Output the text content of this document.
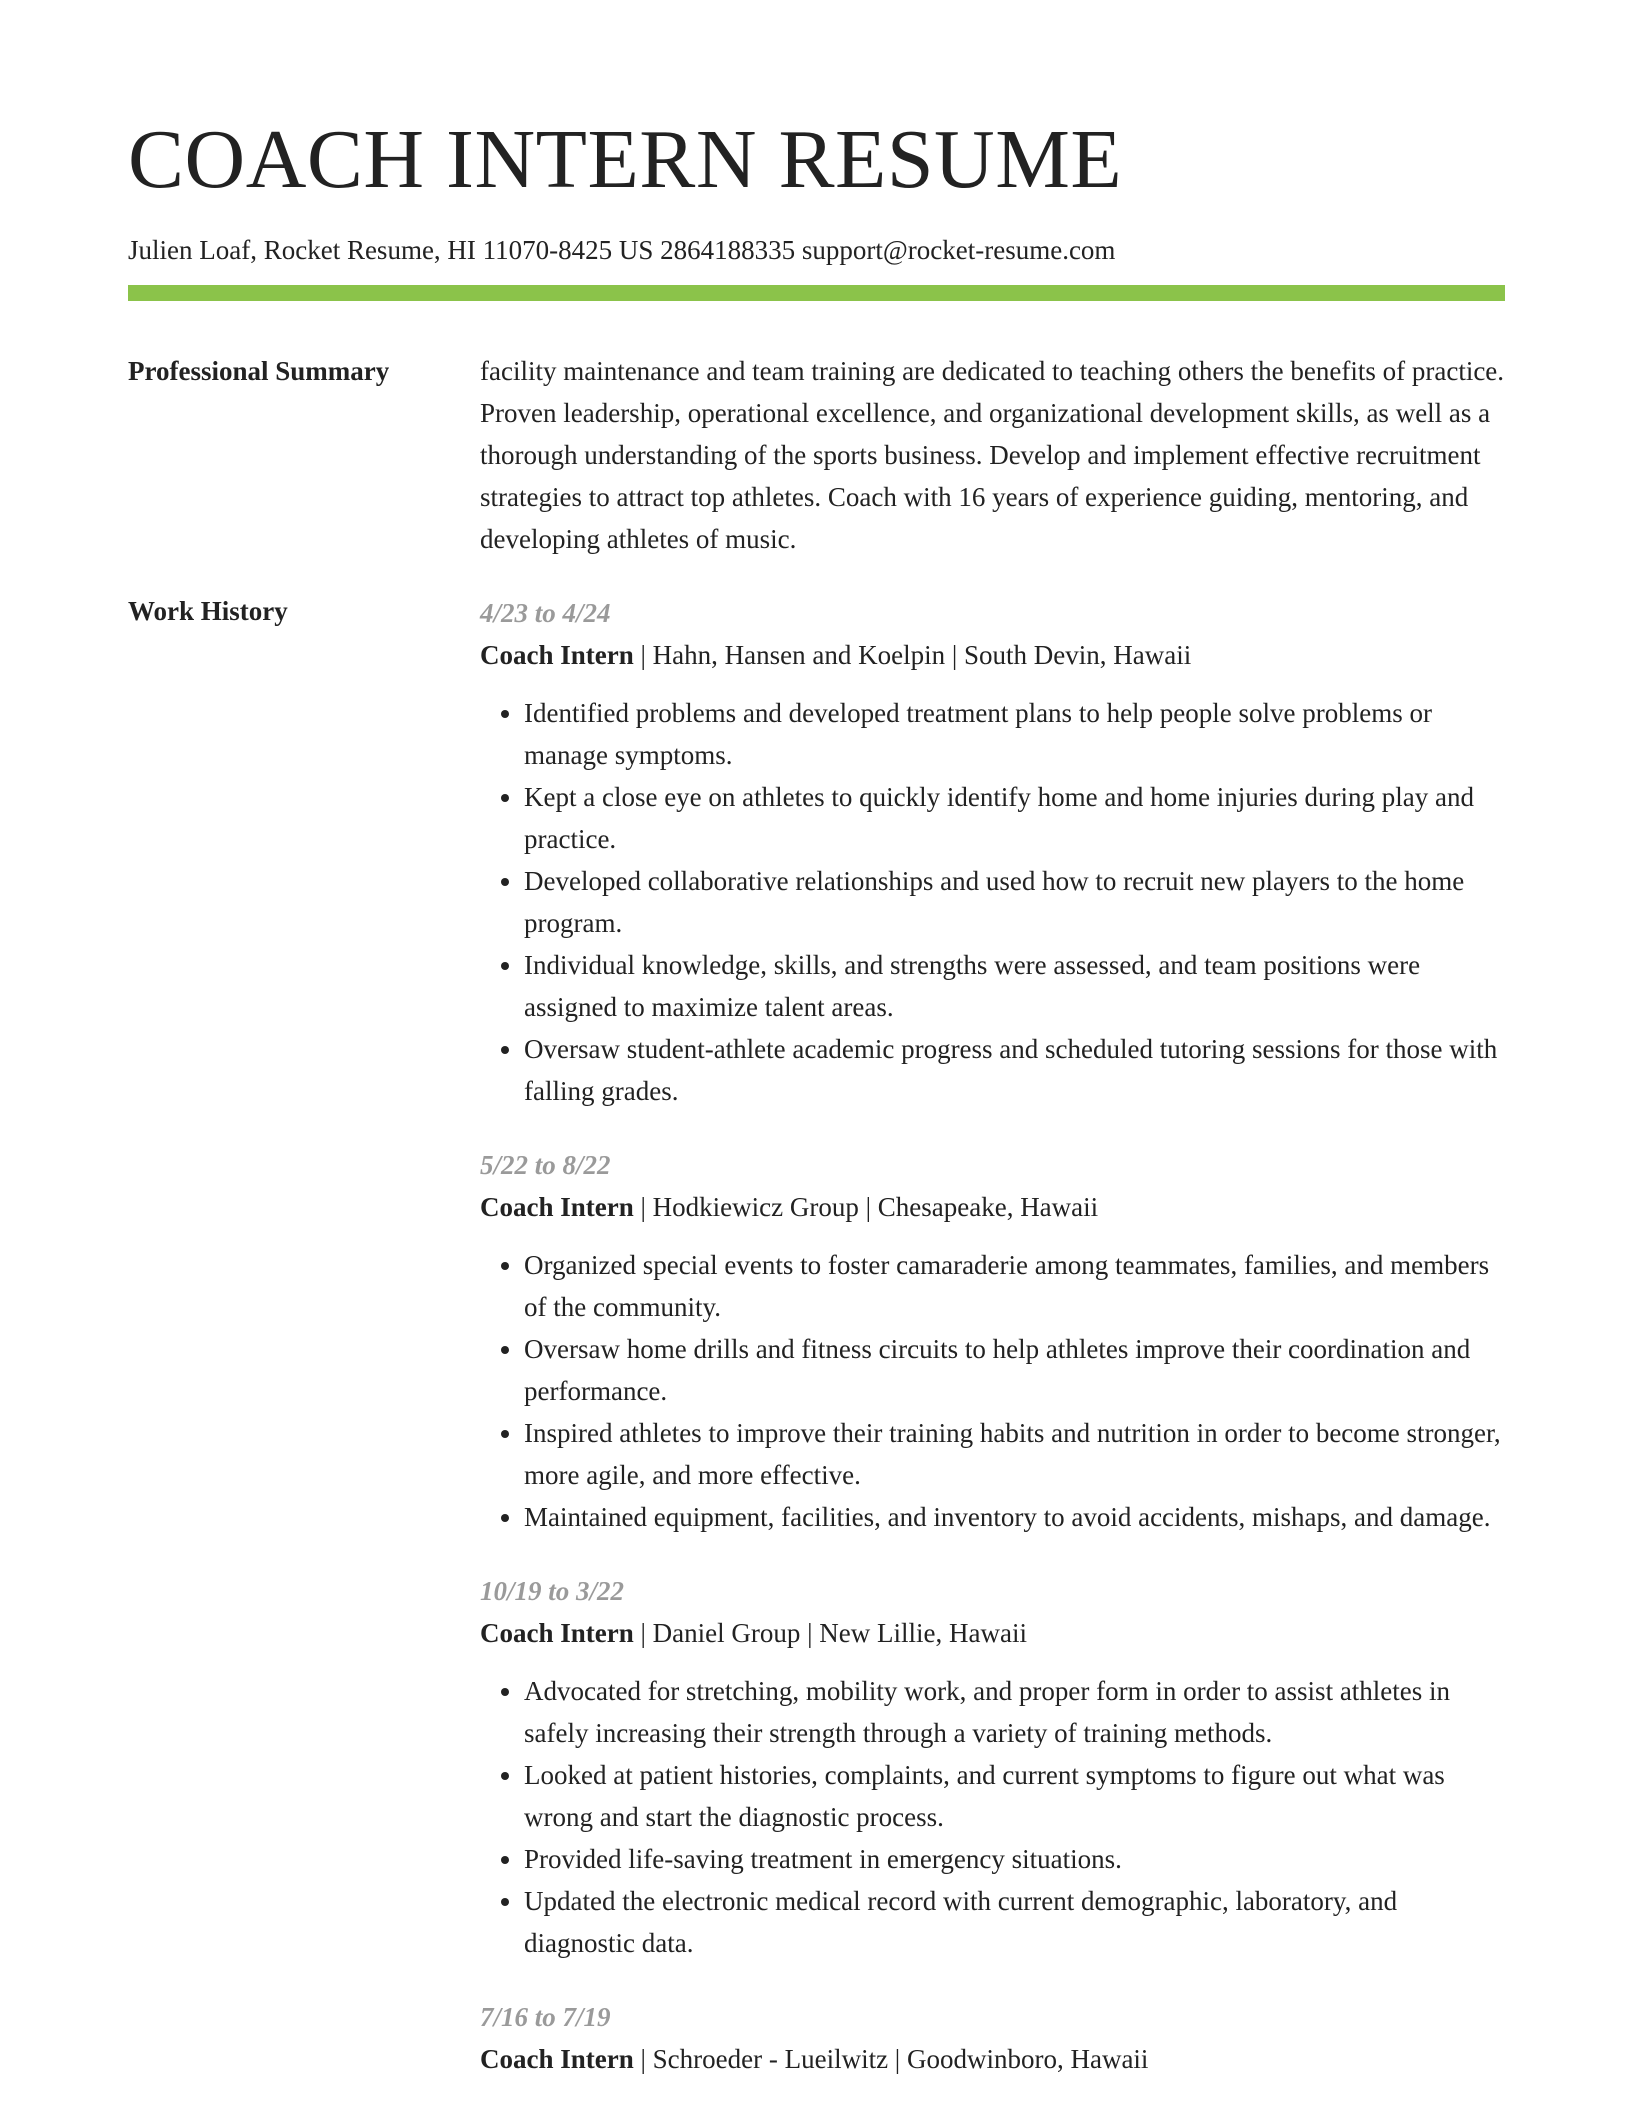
COACH INTERN RESUME
Julien Loaf, Rocket Resume, HI 11070-8425 US 2864188335 support@rocket-resume.com
Professional Summary	facility maintenance and team training are dedicated to teaching others the benefits of practice. Proven leadership, operational excellence, and organizational development skills, as well as a thorough understanding of the sports business. Develop and implement effective recruitment strategies to attract top athletes. Coach with 16 years of experience guiding, mentoring, and developing athletes of music.

Work History	4/23 to 4/24
Coach Intern | Hahn, Hansen and Koelpin | South Devin, Hawaii
• Identified problems and developed treatment plans to help people solve problems or manage symptoms.
• Kept a close eye on athletes to quickly identify home and home injuries during play and practice.
• Developed collaborative relationships and used how to recruit new players to the home program.
• Individual knowledge, skills, and strengths were assessed, and team positions were assigned to maximize talent areas.
• Oversaw student-athlete academic progress and scheduled tutoring sessions for those with falling grades.
5/22 to 8/22
Coach Intern | Hodkiewicz Group | Chesapeake, Hawaii
• Organized special events to foster camaraderie among teammates, families, and members of the community.
• Oversaw home drills and fitness circuits to help athletes improve their coordination and performance.
• Inspired athletes to improve their training habits and nutrition in order to become stronger, more agile, and more effective.
• Maintained equipment, facilities, and inventory to avoid accidents, mishaps, and damage.
10/19 to 3/22
Coach Intern | Daniel Group | New Lillie, Hawaii
• Advocated for stretching, mobility work, and proper form in order to assist athletes in safely increasing their strength through a variety of training methods.
• Looked at patient histories, complaints, and current symptoms to figure out what was wrong and start the diagnostic process.
• Provided life-saving treatment in emergency situations.
• Updated the electronic medical record with current demographic, laboratory, and diagnostic data.
7/16 to 7/19
Coach Intern | Schroeder - Lueilwitz | Goodwinboro, Hawaii
